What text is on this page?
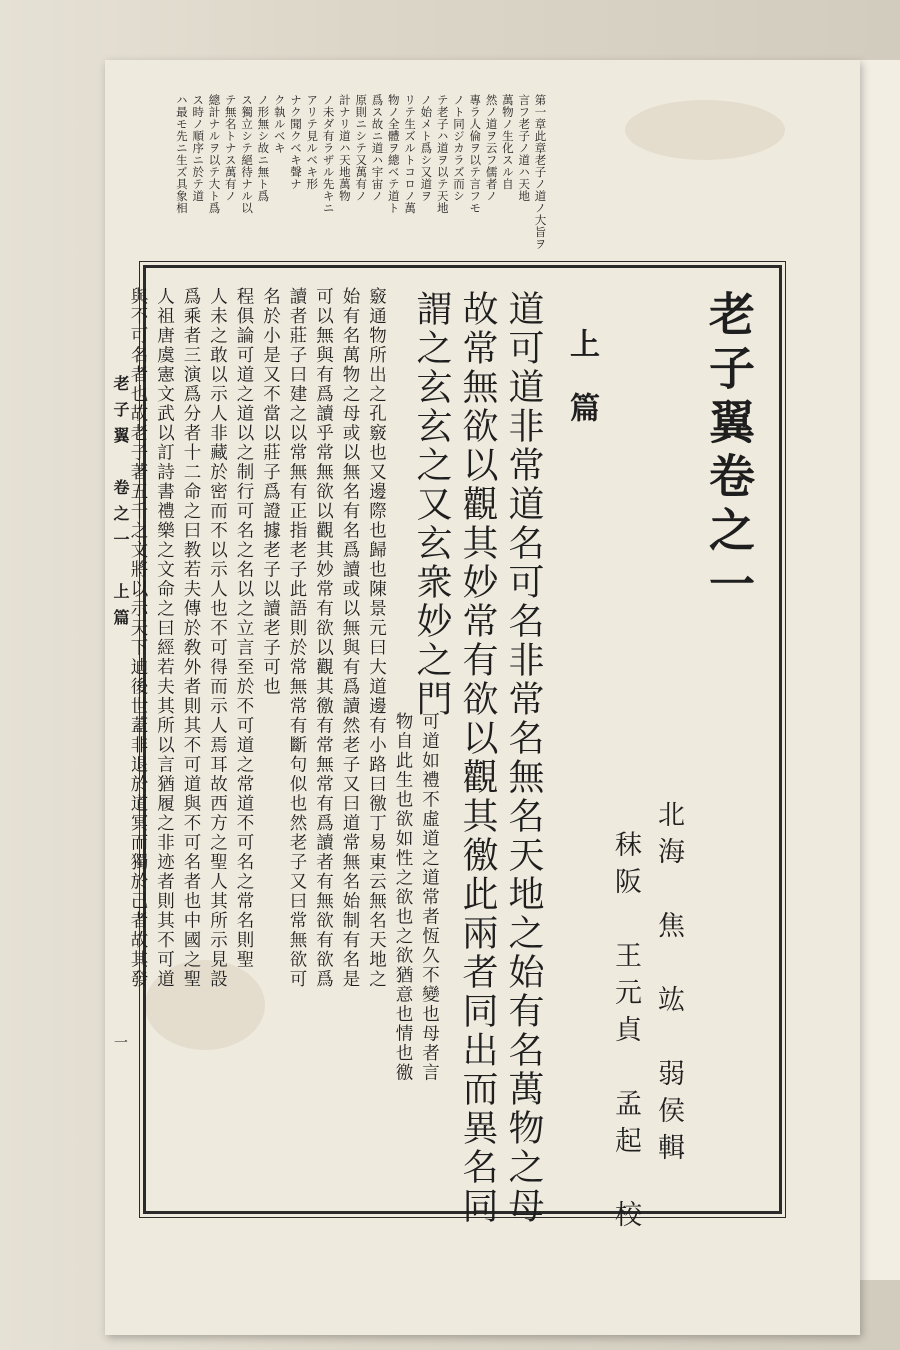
第一章此章老子ノ道ノ大旨ヲ
言フ老子ノ道ハ天地
萬物ノ生化スル自
然ノ道ヲ云フ儒者ノ
專ラ人倫ヲ以テ言フモ
ノト同ジカラズ而シ
テ老子ハ道ヲ以テ天地
ノ始メト爲シ又道ヲ
リテ生ズルトコロノ萬
物ノ全體ヲ總ベテ道ト
爲ス故ニ道ハ宇宙ノ
原則ニシテ又萬有ノ
計ナリ道ハ天地萬物
ノ未ダ有ラザル先キニ
アリテ見ルベキ形
ナク聞クベキ聲ナ
ク執ルベキ
ノ形無シ故ニ無ト爲
ス獨立シテ絕待ナル以
テ無名トナス萬有ノ
總計ナルヲ以テ大ト爲
ス時ノ順序ニ於テ道
ハ最モ先ニ生ズ具象相
老子翼卷之一
上篇
北海　焦　竑　弱侯輯
秣阪　王元貞　孟起　校
道可道非常道名可名非常名無名天地之始有名萬物之母
故常無欲以觀其妙常有欲以觀其徼此兩者同出而異名同
謂之玄玄之又玄衆妙之門
可道如禮不虛道之道常者恆久不變也母者言
物自此生也欲如性之欲也之欲猶意也情也徼
竅通物所出之孔竅也又邊際也歸也陳景元曰大道邊有小路曰徼丁易東云無名天地之
始有名萬物之母或以無名有名爲讀或以無與有爲讀然老子又曰道常無名始制有名是
可以無與有爲讀乎常無欲以觀其妙常有欲以觀其徼有常無常有爲讀者有無欲有欲爲
讀者莊子曰建之以常無有正指老子此語則於常無常有斷句似也然老子又曰常無欲可
名於小是又不當以莊子爲證據老子以讀老子可也
程俱論可道之道以之制行可名之名以之立言至於不可道之常道不可名之常名則聖
人未之敢以示人非藏於密而不以示人也不可得而示人焉耳故西方之聖人其所示見設
爲乘者三演爲分者十二命之曰教若夫傳於敎外者則其不可道與不可名者也中國之聖
人祖唐虞憲文武以訂詩書禮樂之文命之曰經若夫其所以言猶履之非迹者則其不可道
與不可名者也故老子著五千之文將以示天下迪後世蓋非退於道冥而獨於己者故其發
老子翼　卷之一　上篇
一
